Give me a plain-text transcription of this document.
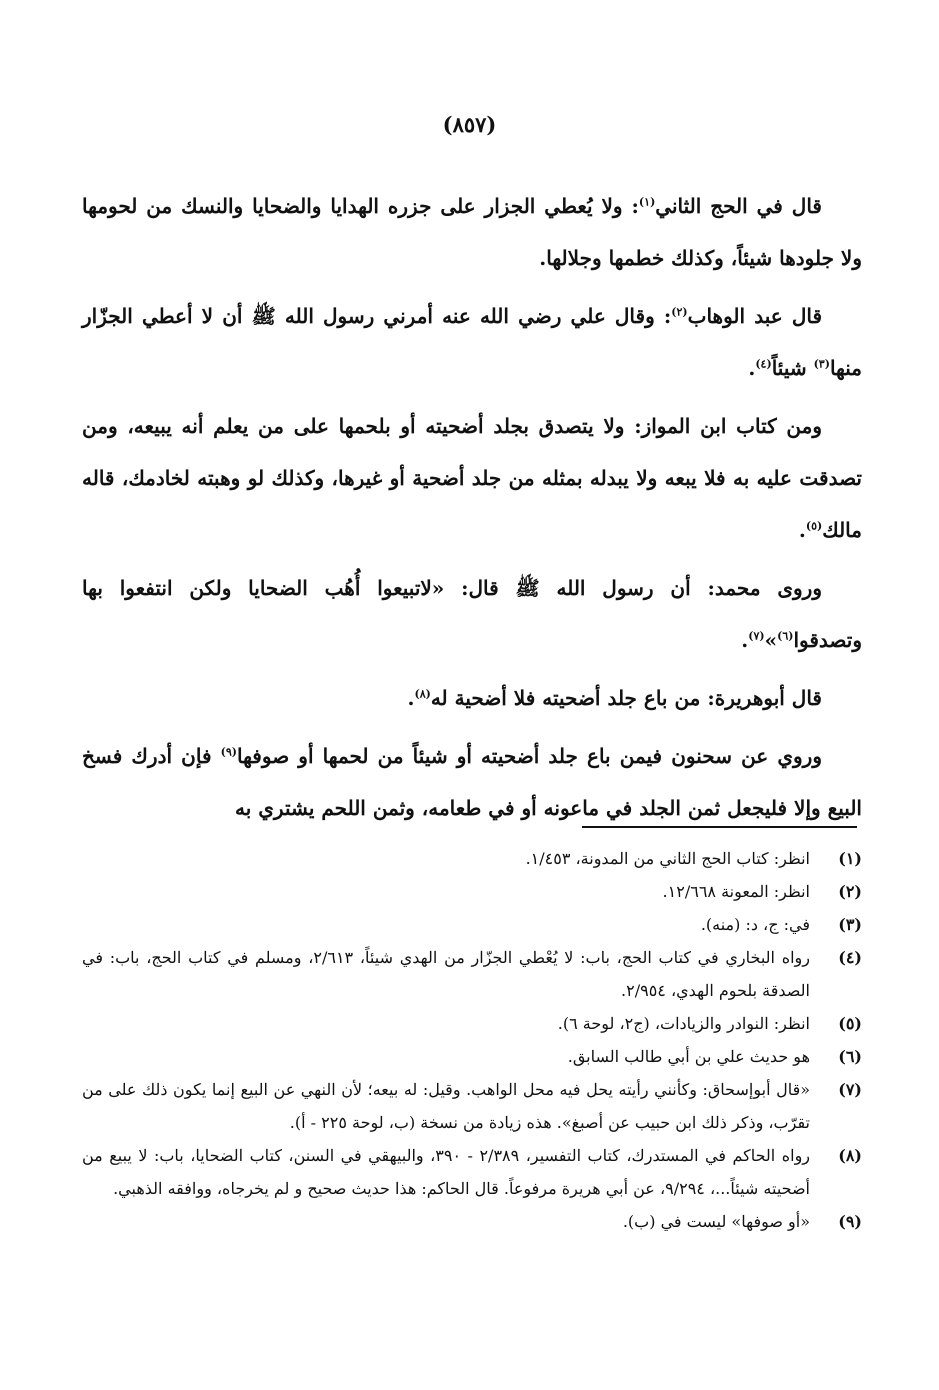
(٨٥٧)

قال في الحج الثاني$^{(١)}$: ولا يُعطي الجزار على جزره الهدايا والضحايا والنسك من لحومها ولا جلودها شيئاً، وكذلك خطمها وجلالها.

قال عبد الوهاب$^{(٢)}$: وقال علي رضي الله عنه أمرني رسول الله ﷺ أن لا أعطي الجزّار منها$^{(٣)}$ شيئاً$^{(٤)}$.

ومن كتاب ابن المواز: ولا يتصدق بجلد أضحيته أو بلحمها على من يعلم أنه يبيعه، ومن تصدقت عليه به فلا يبعه ولا يبدله بمثله من جلد أضحية أو غيرها، وكذلك لو وهبته لخادمك، قاله مالك$^{(٥)}$.

وروى محمد: أن رسول الله ﷺ قال: «لاتبيعوا أُهُب الضحايا ولكن انتفعوا بها وتصدقوا$^{(٦)}$»$^{(٧)}$.

قال أبوهريرة: من باع جلد أضحيته فلا أضحية له$^{(٨)}$.

وروي عن سحنون فيمن باع جلد أضحيته أو شيئاً من لحمها أو صوفها$^{(٩)}$ فإن أدرك فسخ البيع وإلا فليجعل ثمن الجلد في ماعونه أو في طعامه، وثمن اللحم يشتري به

(١)
انظر: كتاب الحج الثاني من المدونة، ١/٤٥٣.
(٢)
انظر: المعونة ١٢/٦٦٨.
(٣)
في: ج، د: (منه).
(٤)
رواه البخاري في كتاب الحج، باب: لا يُعْطي الجزّار من الهدي شيئاً، ٢/٦١٣، ومسلم في كتاب الحج، باب: في الصدقة بلحوم الهدي، ٢/٩٥٤.
(٥)
انظر: النوادر والزيادات، (ج٢، لوحة ٦).
(٦)
هو حديث علي بن أبي طالب السابق.
(٧)
«قال أبوإسحاق: وكأنني رأيته يحل فيه محل الواهب. وقيل: له بيعه؛ لأن النهي عن البيع إنما يكون ذلك على من تقرّب، وذكر ذلك ابن حبيب عن أصبغ». هذه زيادة من نسخة (ب، لوحة ٢٢٥ - أ).
(٨)
رواه الحاكم في المستدرك، كتاب التفسير، ٢/٣٨٩ - ٣٩٠، والبيهقي في السنن، كتاب الضحايا، باب: لا يبيع من أضحيته شيئاً...، ٩/٢٩٤، عن أبي هريرة مرفوعاً. قال الحاكم: هذا حديث صحيح و لم يخرجاه، ووافقه الذهبي.
(٩)
«أو صوفها» ليست في (ب).
